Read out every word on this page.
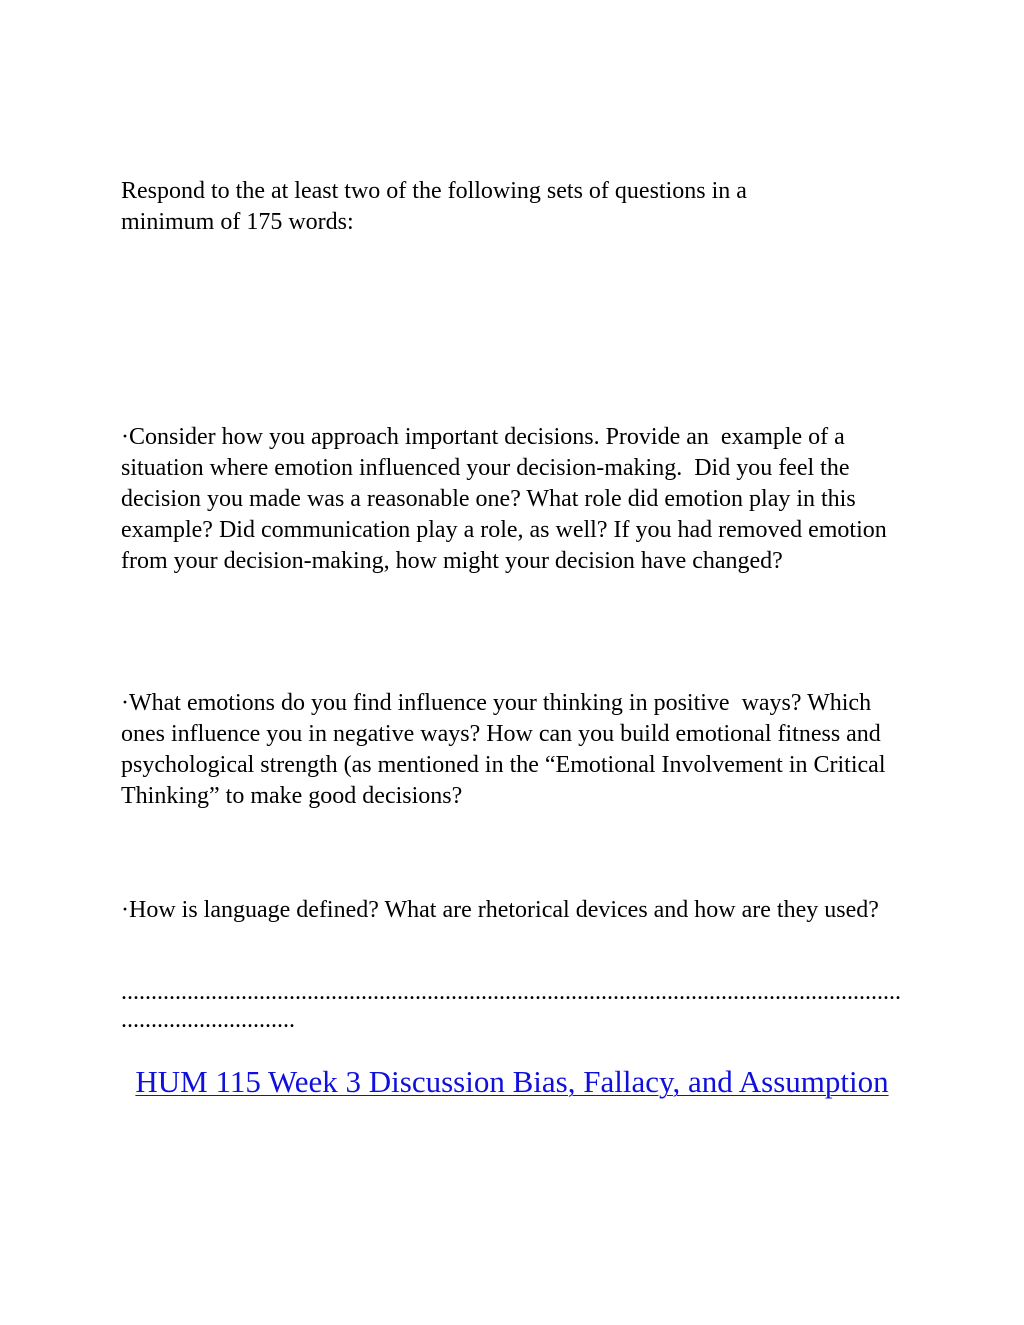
Respond to the at least two of the following sets of questions in a minimum of 175 words:

·Consider how you approach important decisions. Provide an  example of a situation where emotion influenced your decision-making.  Did you feel the decision you made was a reasonable one? What role did emotion play in this example? Did communication play a role, as well? If you had removed emotion from your decision-making, how might your decision have changed?

·What emotions do you find influence your thinking in positive  ways? Which ones influence you in negative ways? How can you build emotional fitness and psychological strength (as mentioned in the “Emotional Involvement in Critical Thinking” to make good decisions?

·How is language defined? What are rhetorical devices and how are they used?

...............................................................................................................................................................

HUM 115 Week 3 Discussion Bias, Fallacy, and Assumption
